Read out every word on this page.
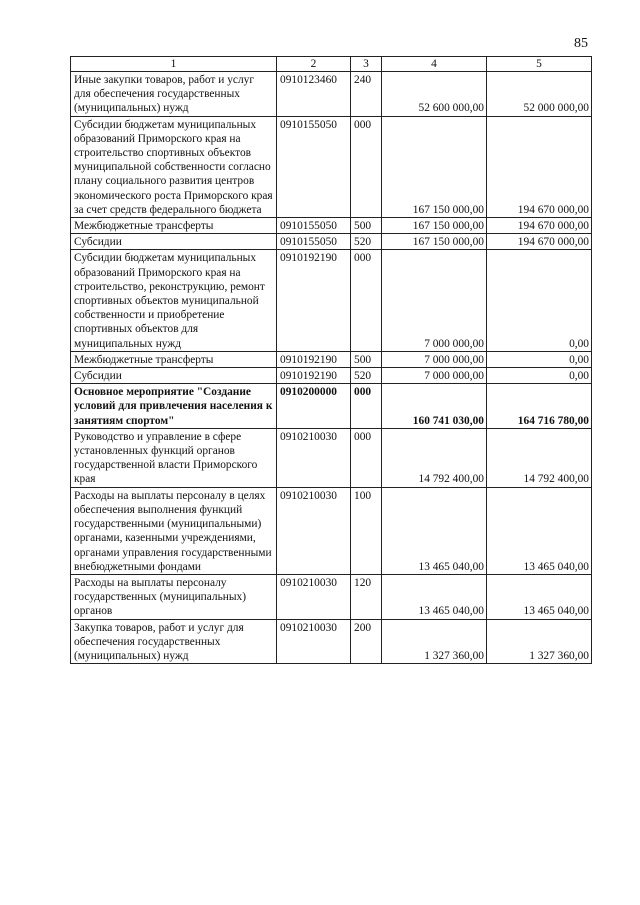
85
1	2	3	4	5
Иные закупки товаров, работ и услуг для обеспечения государственных (муниципальных) нужд	0910123460	240	52 600 000,00	52 000 000,00
Субсидии бюджетам муниципальных образований Приморского края на строительство спортивных объектов муниципальной собственности согласно плану социального развития центров экономического роста Приморского края за счет средств федерального бюджета	0910155050	000	167 150 000,00	194 670 000,00
Межбюджетные трансферты	0910155050	500	167 150 000,00	194 670 000,00
Субсидии	0910155050	520	167 150 000,00	194 670 000,00
Субсидии бюджетам муниципальных образований Приморского края на строительство, реконструкцию, ремонт спортивных объектов муниципальной собственности и приобретение спортивных объектов для муниципальных нужд	0910192190	000	7 000 000,00	0,00
Межбюджетные трансферты	0910192190	500	7 000 000,00	0,00
Субсидии	0910192190	520	7 000 000,00	0,00
Основное мероприятие "Создание условий для привлечения населения к занятиям спортом"	0910200000	000	160 741 030,00	164 716 780,00
Руководство и управление в сфере установленных функций органов государственной власти Приморского края	0910210030	000	14 792 400,00	14 792 400,00
Расходы на выплаты персоналу в целях обеспечения выполнения функций государственными (муниципальными) органами, казенными учреждениями, органами управления государственными внебюджетными фондами	0910210030	100	13 465 040,00	13 465 040,00
Расходы на выплаты персоналу государственных (муниципальных) органов	0910210030	120	13 465 040,00	13 465 040,00
Закупка товаров, работ и услуг для обеспечения государственных (муниципальных) нужд	0910210030	200	1 327 360,00	1 327 360,00
